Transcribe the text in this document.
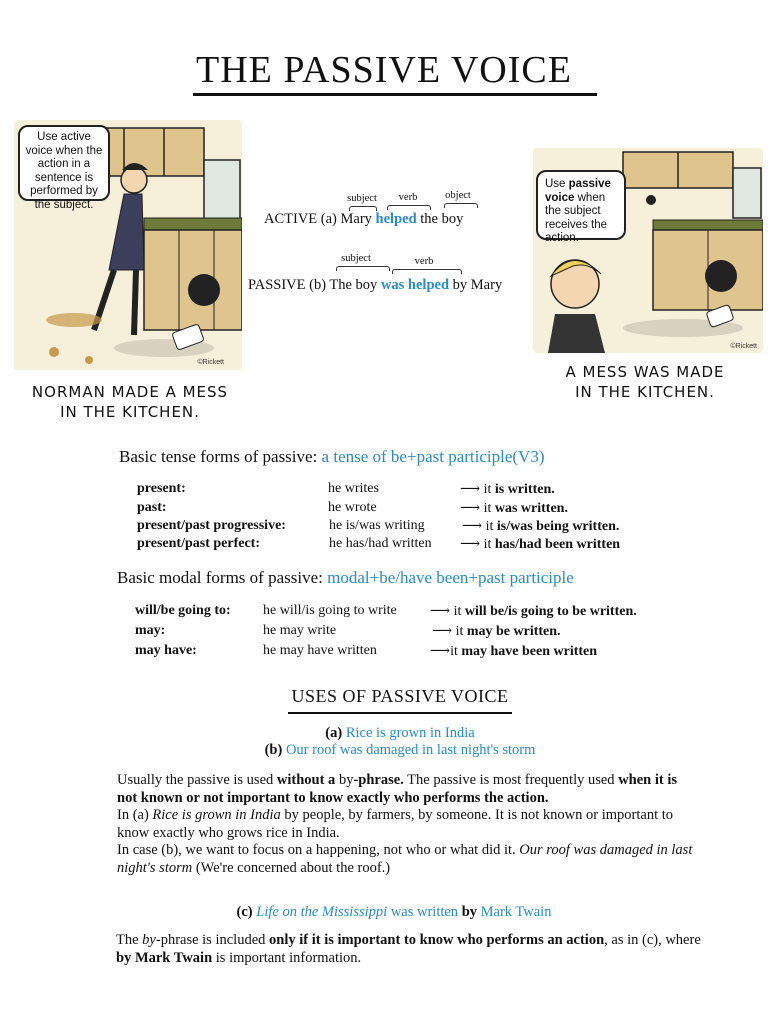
THE PASSIVE VOICE
©Rickett
Use active voice when the action in a sentence is performed by the subject.
NORMAN MADE A MESS
IN THE KITCHEN.
©Rickett
Use passive voice when the subject receives the action.
A MESS WAS MADE
IN THE KITCHEN.
subject	verb	object
ACTIVE (a) Mary helped the boy
subject	verb
PASSIVE (b) The boy was helped by Mary
Basic tense forms of passive: a tense of be+past participle(V3)
present:	he writes	⟶ it is written.
past:	he wrote	⟶ it was written.
present/past progressive:	he is/was writing	⟶ it is/was being written.
present/past perfect:	he has/had written ⟶ it has/had been written
Basic modal forms of passive: modal+be/have been+past participle
will/be going to: he will/is going to write ⟶ it will be/is going to be written.
may:	he may write	⟶ it may be written.
may have:	he may have written	⟶it may have been written
USES OF PASSIVE VOICE
(a) Rice is grown in India
(b) Our roof was damaged in last night's storm
Usually the passive is used without a by-phrase. The passive is most frequently used when it is not known or not important to know exactly who performs the action.
In (a) Rice is grown in India by people, by farmers, by someone. It is not known or important to know exactly who grows rice in India.
In case (b), we want to focus on a happening, not who or what did it. Our roof was damaged in last night's storm (We're concerned about the roof.)
(c) Life on the Mississippi was written by Mark Twain
The by-phrase is included only if it is important to know who performs an action, as in (c), where by Mark Twain is important information.
